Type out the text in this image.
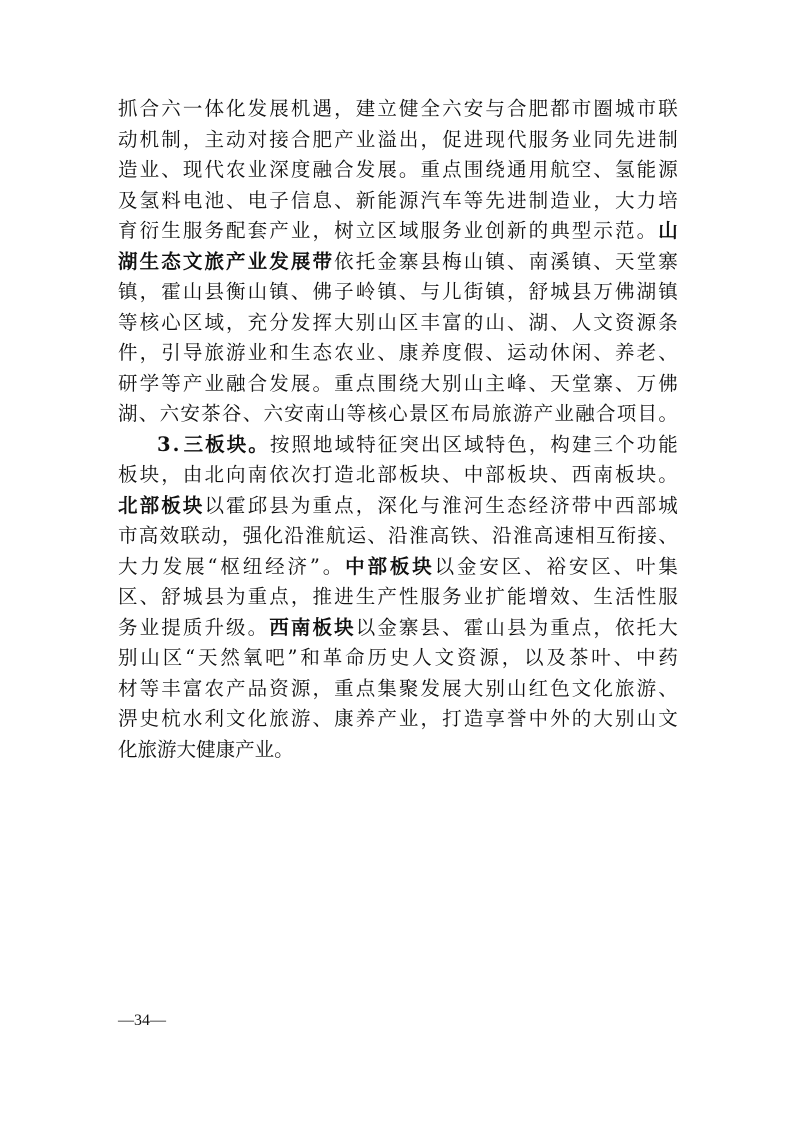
抓 合 六 一 体 化 发 展 机 遇 ， 建 立 健 全 六 安 与 合 肥 都 市 圈 城 市 联
动 机 制 ， 主 动 对 接 合 肥 产 业 溢 出 ， 促 进 现 代 服 务 业 同 先 进 制
造 业 、 现 代 农 业 深 度 融 合 发 展 。 重 点 围 绕 通 用 航 空 、 氢 能 源
及 氢 料 电 池 、 电 子 信 息 、 新 能 源 汽 车 等 先 进 制 造 业 ， 大 力 培
育 衍 生 服 务 配 套 产 业 ， 树 立 区 域 服 务 业 创 新 的 典 型 示 范 。 山
湖 生 态 文 旅 产 业 发 展 带 依 托 金 寨 县 梅 山 镇 、 南 溪 镇 、 天 堂 寨
镇 ， 霍 山 县 衡 山 镇 、 佛 子 岭 镇 、 与 儿 街 镇 ， 舒 城 县 万 佛 湖 镇
等 核 心 区 域 ， 充 分 发 挥 大 别 山 区 丰 富 的 山 、 湖 、 人 文 资 源 条
件 ， 引 导 旅 游 业 和 生 态 农 业 、 康 养 度 假 、 运 动 休 闲 、 养 老 、
研 学 等 产 业 融 合 发 展 。 重 点 围 绕 大 别 山 主 峰 、 天 堂 寨 、 万 佛
湖 、 六 安 茶 谷 、 六 安 南 山 等 核 心 景 区 布 局 旅 游 产 业 融 合 项 目 。
3 . 三 板 块 。 按 照 地 域 特 征 突 出 区 域 特 色 ， 构 建 三 个 功 能
板 块 ， 由 北 向 南 依 次 打 造 北 部 板 块 、 中 部 板 块 、 西 南 板 块 。
北 部 板 块 以 霍 邱 县 为 重 点 ， 深 化 与 淮 河 生 态 经 济 带 中 西 部 城
市 高 效 联 动 ， 强 化 沿 淮 航 运 、 沿 淮 高 铁 、 沿 淮 高 速 相 互 衔 接 、
大 力 发 展 “ 枢 纽 经 济 ” 。 中 部 板 块 以 金 安 区 、 裕 安 区 、 叶 集
区 、 舒 城 县 为 重 点 ， 推 进 生 产 性 服 务 业 扩 能 增 效 、 生 活 性 服
务 业 提 质 升 级 。 西 南 板 块 以 金 寨 县 、 霍 山 县 为 重 点 ， 依 托 大
别 山 区 “ 天 然 氧 吧 ” 和 革 命 历 史 人 文 资 源 ， 以 及 茶 叶 、 中 药
材 等 丰 富 农 产 品 资 源 ， 重 点 集 聚 发 展 大 别 山 红 色 文 化 旅 游 、
淠 史 杭 水 利 文 化 旅 游 、 康 养 产 业 ， 打 造 享 誉 中 外 的 大 别 山 文
化 旅 游 大 健 康 产 业 。
—34—
